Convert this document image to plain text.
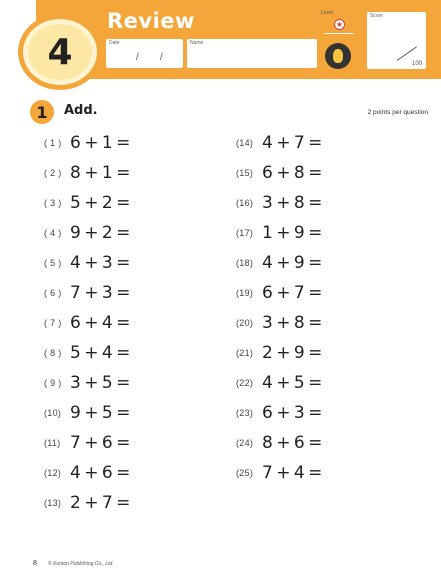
4
Review
Date
/ /
Name
Level
★
Score
100
1	Add.	2 points per question
( 1 ) 6 + 1 =
( 2 ) 8 + 1 =
( 3 ) 5 + 2 =
( 4 ) 9 + 2 =
( 5 ) 4 + 3 =
( 6 ) 7 + 3 =
( 7 ) 6 + 4 =
( 8 ) 5 + 4 =
( 9 ) 3 + 5 =
(10) 9 + 5 =
(11) 7 + 6 =
(12) 4 + 6 =
(13) 2 + 7 =
(14) 4 + 7 =
(15) 6 + 8 =
(16) 3 + 8 =
(17) 1 + 9 =
(18) 4 + 9 =
(19) 6 + 7 =
(20) 3 + 8 =
(21) 2 + 9 =
(22) 4 + 5 =
(23) 6 + 3 =
(24) 8 + 6 =
(25) 7 + 4 =
8 © Kumon Publishing Co., Ltd.
